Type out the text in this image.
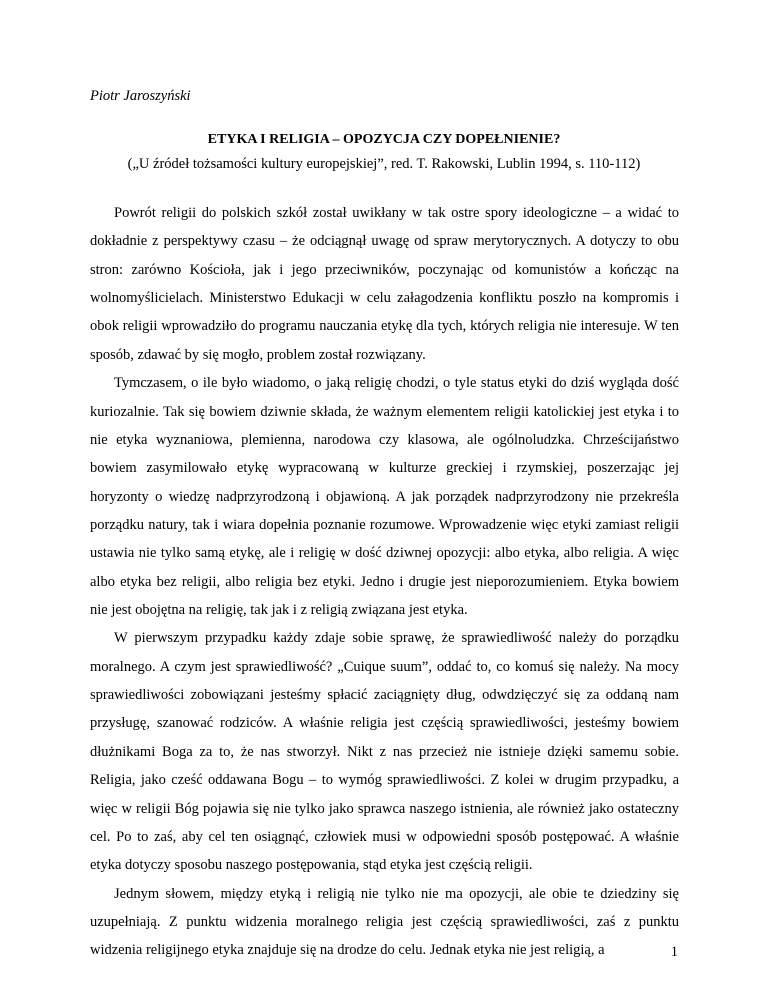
Piotr Jaroszyński
ETYKA I RELIGIA – OPOZYCJA CZY DOPEŁNIENIE?
(„U źródeł tożsamości kultury europejskiej”, red. T. Rakowski, Lublin 1994, s. 110-112)

Powrót religii do polskich szkół został uwikłany w tak ostre spory ideologiczne – a widać to dokładnie z perspektywy czasu – że odciągnął uwagę od spraw merytorycznych. A dotyczy to obu stron: zarówno Kościoła, jak i jego przeciwników, poczynając od komunistów a kończąc na wolnomyślicielach. Ministerstwo Edukacji w celu załagodzenia konfliktu poszło na kompromis i obok religii wprowadziło do programu nauczania etykę dla tych, których religia nie interesuje. W ten sposób, zdawać by się mogło, problem został rozwiązany.

Tymczasem, o ile było wiadomo, o jaką religię chodzi, o tyle status etyki do dziś wygląda dość kuriozalnie. Tak się bowiem dziwnie składa, że ważnym elementem religii katolickiej jest etyka i to nie etyka wyznaniowa, plemienna, narodowa czy klasowa, ale ogólnoludzka. Chrześcijaństwo bowiem zasymilowało etykę wypracowaną w kulturze greckiej i rzymskiej, poszerzając jej horyzonty o wiedzę nadprzyrodzoną i objawioną. A jak porządek nadprzyrodzony nie przekreśla porządku natury, tak i wiara dopełnia poznanie rozumowe. Wprowadzenie więc etyki zamiast religii ustawia nie tylko samą etykę, ale i religię w dość dziwnej opozycji: albo etyka, albo religia. A więc albo etyka bez religii, albo religia bez etyki. Jedno i drugie jest nieporozumieniem. Etyka bowiem nie jest obojętna na religię, tak jak i z religią związana jest etyka.

W pierwszym przypadku każdy zdaje sobie sprawę, że sprawiedliwość należy do porządku moralnego. A czym jest sprawiedliwość? „Cuique suum”, oddać to, co komuś się należy. Na mocy sprawiedliwości zobowiązani jesteśmy spłacić zaciągnięty dług, odwdzięczyć się za oddaną nam przysługę, szanować rodziców. A właśnie religia jest częścią sprawiedliwości, jesteśmy bowiem dłużnikami Boga za to, że nas stworzył. Nikt z nas przecież nie istnieje dzięki samemu sobie. Religia, jako cześć oddawana Bogu – to wymóg sprawiedliwości. Z kolei w drugim przypadku, a więc w religii Bóg pojawia się nie tylko jako sprawca naszego istnienia, ale również jako ostateczny cel. Po to zaś, aby cel ten osiągnąć, człowiek musi w odpowiedni sposób postępować. A właśnie etyka dotyczy sposobu naszego postępowania, stąd etyka jest częścią religii.

Jednym słowem, między etyką i religią nie tylko nie ma opozycji, ale obie te dziedziny się uzupełniają. Z punktu widzenia moralnego religia jest częścią sprawiedliwości, zaś z punktu widzenia religijnego etyka znajduje się na drodze do celu. Jednak etyka nie jest religią, a	1
